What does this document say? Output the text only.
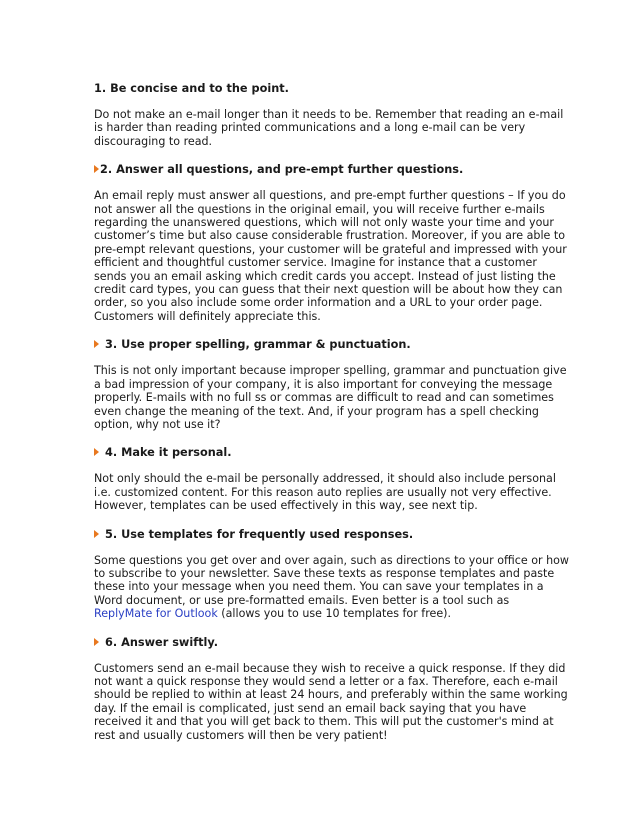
1. Be concise and to the point.

Do not make an e-mail longer than it needs to be. Remember that reading an e-mail
is harder than reading printed communications and a long e-mail can be very
discouraging to read.

2. Answer all questions, and pre-empt further questions.

An email reply must answer all questions, and pre-empt further questions – If you do
not answer all the questions in the original email, you will receive further e-mails
regarding the unanswered questions, which will not only waste your time and your
customer’s time but also cause considerable frustration. Moreover, if you are able to
pre-empt relevant questions, your customer will be grateful and impressed with your
efficient and thoughtful customer service. Imagine for instance that a customer
sends you an email asking which credit cards you accept. Instead of just listing the
credit card types, you can guess that their next question will be about how they can
order, so you also include some order information and a URL to your order page.
Customers will definitely appreciate this.

3. Use proper spelling, grammar & punctuation.

This is not only important because improper spelling, grammar and punctuation give
a bad impression of your company, it is also important for conveying the message
properly. E-mails with no full ss or commas are difficult to read and can sometimes
even change the meaning of the text. And, if your program has a spell checking
option, why not use it?

4. Make it personal.

Not only should the e-mail be personally addressed, it should also include personal
i.e. customized content. For this reason auto replies are usually not very effective.
However, templates can be used effectively in this way, see next tip.

5. Use templates for frequently used responses.

Some questions you get over and over again, such as directions to your office or how
to subscribe to your newsletter. Save these texts as response templates and paste
these into your message when you need them. You can save your templates in a
Word document, or use pre-formatted emails. Even better is a tool such as
ReplyMate for Outlook (allows you to use 10 templates for free).

6. Answer swiftly.

Customers send an e-mail because they wish to receive a quick response. If they did
not want a quick response they would send a letter or a fax. Therefore, each e-mail
should be replied to within at least 24 hours, and preferably within the same working
day. If the email is complicated, just send an email back saying that you have
received it and that you will get back to them. This will put the customer's mind at
rest and usually customers will then be very patient!
